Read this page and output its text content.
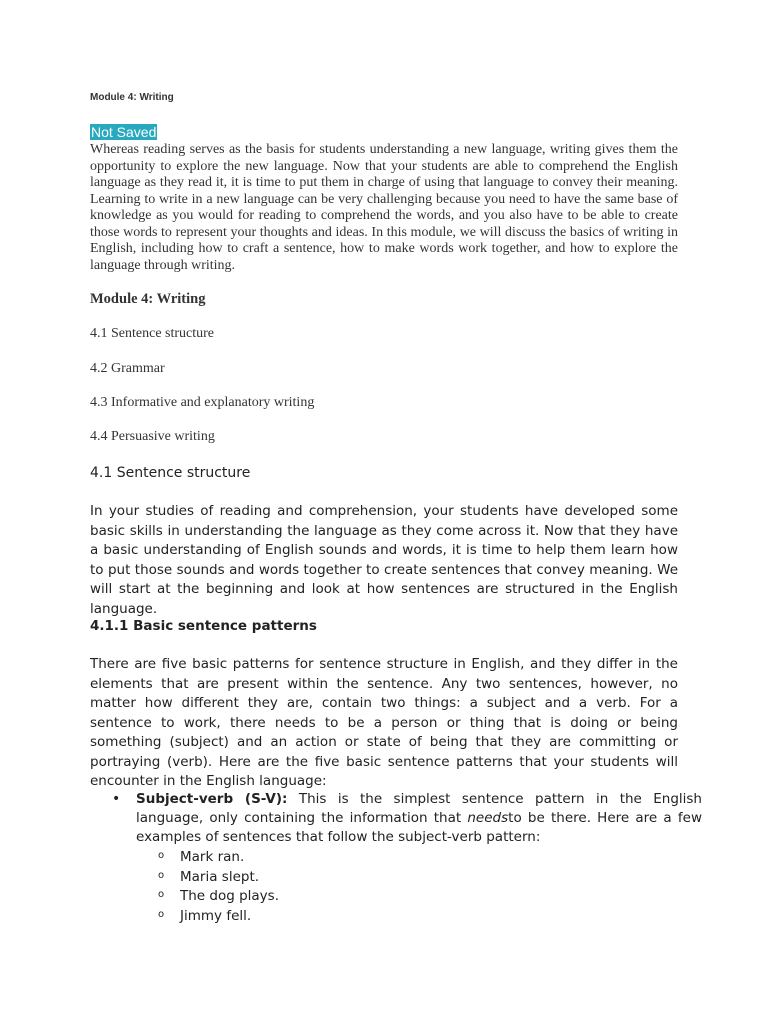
Module 4: Writing
Not Saved

Whereas reading serves as the basis for students understanding a new language, writing gives them the opportunity to explore the new language. Now that your students are able to comprehend the English language as they read it, it is time to put them in charge of using that language to convey their meaning. Learning to write in a new language can be very challenging because you need to have the same base of knowledge as you would for reading to comprehend the words, and you also have to be able to create those words to represent your thoughts and ideas. In this module, we will discuss the basics of writing in English, including how to craft a sentence, how to make words work together, and how to explore the language through writing.

Module 4: Writing

4.1 Sentence structure

4.2 Grammar

4.3 Informative and explanatory writing

4.4 Persuasive writing

4.1 Sentence structure

In your studies of reading and comprehension, your students have developed some basic skills in understanding the language as they come across it. Now that they have a basic understanding of English sounds and words, it is time to help them learn how to put those sounds and words together to create sentences that convey meaning. We will start at the beginning and look at how sentences are structured in the English language.

4.1.1 Basic sentence patterns

There are five basic patterns for sentence structure in English, and they differ in the elements that are present within the sentence. Any two sentences, however, no matter how different they are, contain two things: a subject and a verb. For a sentence to work, there needs to be a person or thing that is doing or being something (subject) and an action or state of being that they are committing or portraying (verb). Here are the five basic sentence patterns that your students will encounter in the English language:

• Subject-verb (S-V): This is the simplest sentence pattern in the English language, only containing the information that needsto be there. Here are a few examples of sentences that follow the subject-verb pattern:

o Mark ran.
o Maria slept.
o The dog plays.
o Jimmy fell.
